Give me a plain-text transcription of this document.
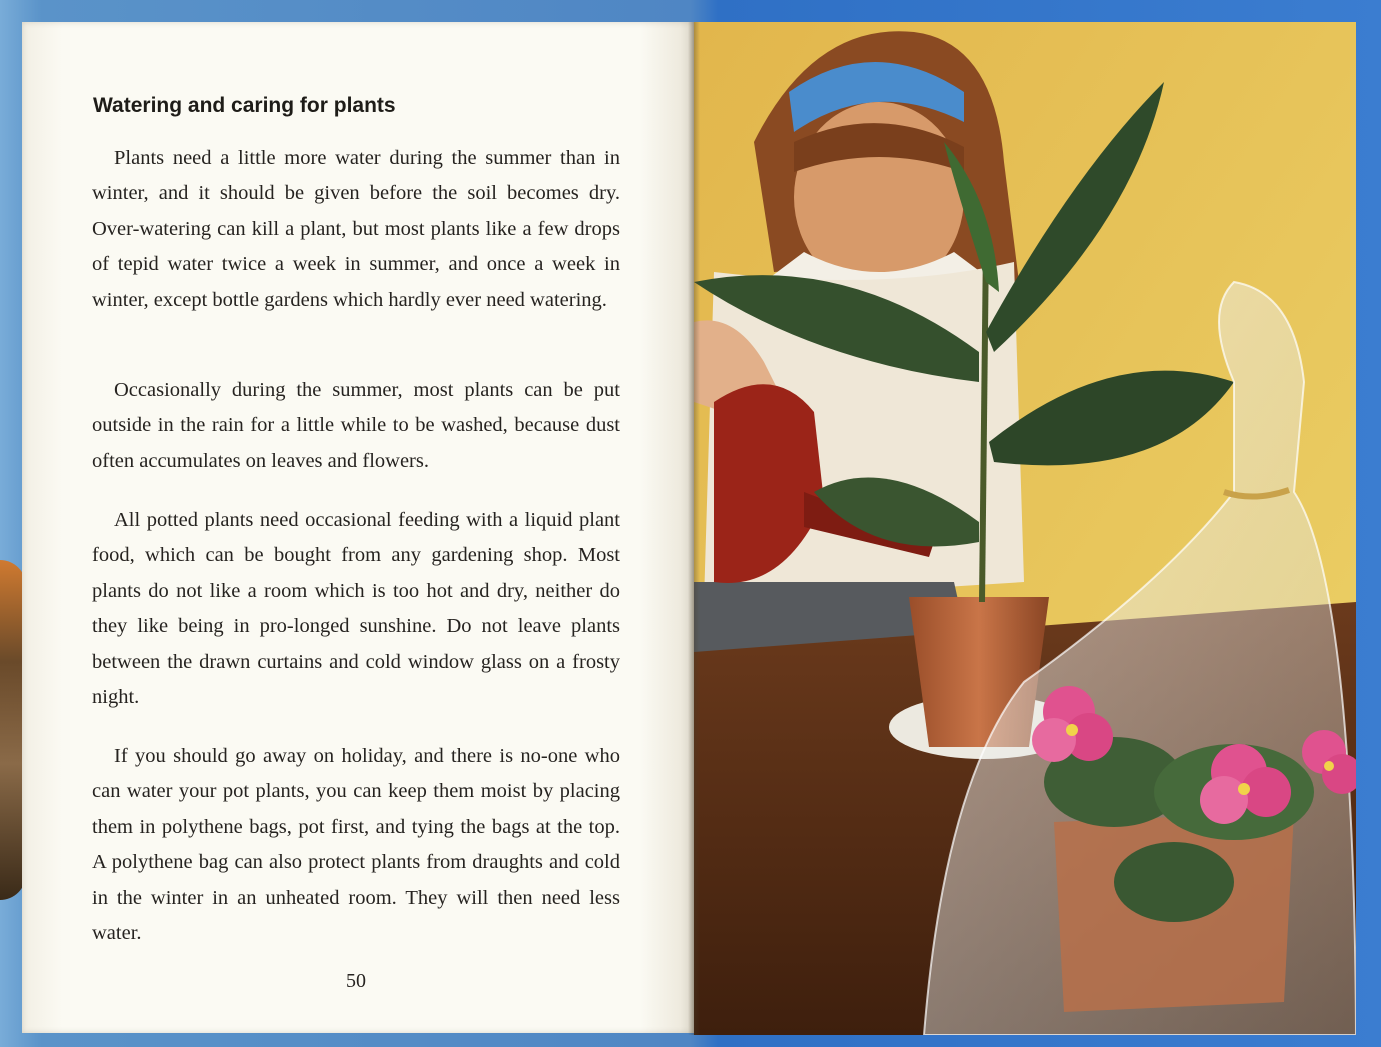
Watering and caring for plants

Plants need a little more water during the summer than in winter, and it should be given before the soil becomes dry. Over-watering can kill a plant, but most plants like a few drops of tepid water twice a week in summer, and once a week in winter, except bottle gardens which hardly ever need watering.

Occasionally during the summer, most plants can be put outside in the rain for a little while to be washed, because dust often accumulates on leaves and flowers.

All potted plants need occasional feeding with a liquid plant food, which can be bought from any gardening shop. Most plants do not like a room which is too hot and dry, neither do they like being in pro-longed sunshine. Do not leave plants between the drawn curtains and cold window glass on a frosty night.

If you should go away on holiday, and there is no-one who can water your pot plants, you can keep them moist by placing them in polythene bags, pot first, and tying the bags at the top. A polythene bag can also protect plants from draughts and cold in the winter in an unheated room. They will then need less water.

50
